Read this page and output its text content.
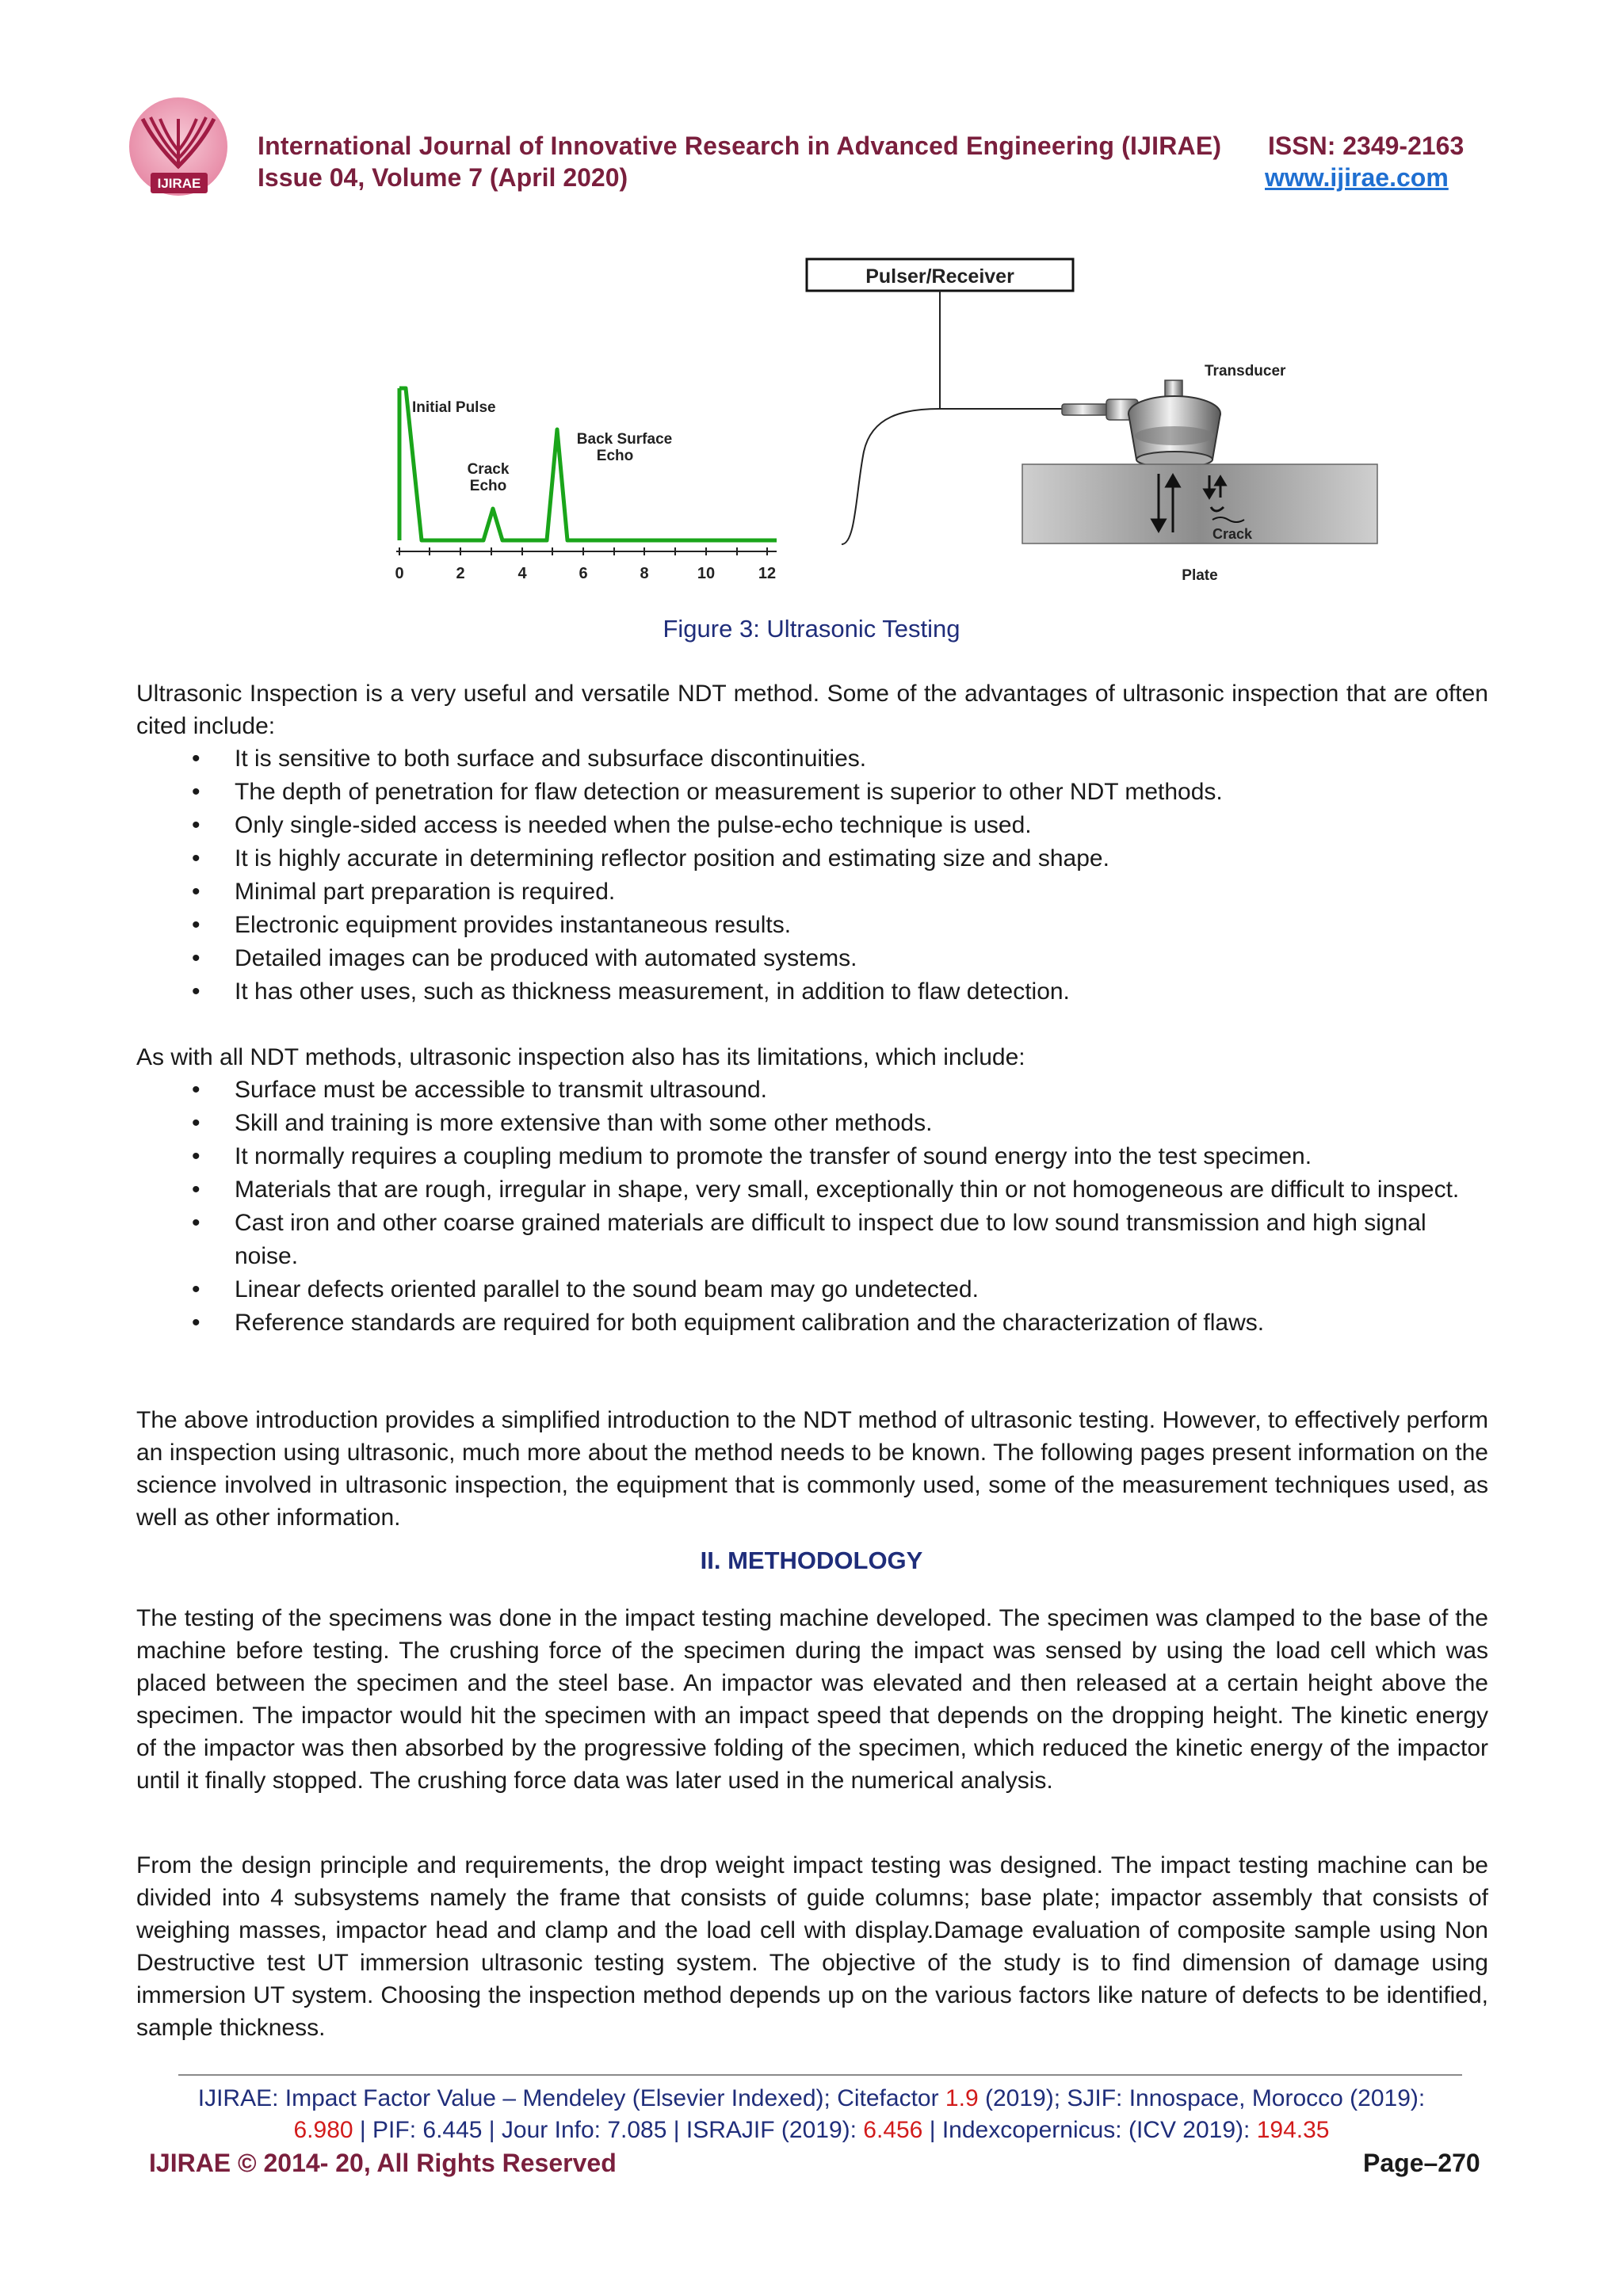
IJIRAE
International Journal of Innovative Research in Advanced Engineering (IJIRAE) ISSN: 2349-2163
Issue 04, Volume 7 (April 2020)	www.ijirae.com
Pulser/Receiver
0	2	4	6	8	10	12
Initial Pulse
Crack
Echo
Back Surface
Echo
Transducer
Plate
Crack
Figure 3: Ultrasonic Testing
Ultrasonic Inspection is a very useful and versatile NDT method. Some of the advantages of ultrasonic inspection that are often cited include:
• It is sensitive to both surface and subsurface discontinuities.
• The depth of penetration for flaw detection or measurement is superior to other NDT methods.
• Only single-sided access is needed when the pulse-echo technique is used.
• It is highly accurate in determining reflector position and estimating size and shape.
• Minimal part preparation is required.
• Electronic equipment provides instantaneous results.
• Detailed images can be produced with automated systems.
• It has other uses, such as thickness measurement, in addition to flaw detection.
As with all NDT methods, ultrasonic inspection also has its limitations, which include:
• Surface must be accessible to transmit ultrasound.
• Skill and training is more extensive than with some other methods.
• It normally requires a coupling medium to promote the transfer of sound energy into the test specimen.
• Materials that are rough, irregular in shape, very small, exceptionally thin or not homogeneous are difficult to inspect.
• Cast iron and other coarse grained materials are difficult to inspect due to low sound transmission and high signal noise.
• Linear defects oriented parallel to the sound beam may go undetected.
• Reference standards are required for both equipment calibration and the characterization of flaws.
The above introduction provides a simplified introduction to the NDT method of ultrasonic testing. However, to effectively perform an inspection using ultrasonic, much more about the method needs to be known. The following pages present information on the science involved in ultrasonic inspection, the equipment that is commonly used, some of the measurement techniques used, as well as other information.
II. METHODOLOGY
The testing of the specimens was done in the impact testing machine developed. The specimen was clamped to the base of the machine before testing. The crushing force of the specimen during the impact was sensed by using the load cell which was placed between the specimen and the steel base. An impactor was elevated and then released at a certain height above the specimen. The impactor would hit the specimen with an impact speed that depends on the dropping height. The kinetic energy of the impactor was then absorbed by the progressive folding of the specimen, which reduced the kinetic energy of the impactor until it finally stopped. The crushing force data was later used in the numerical analysis.
From the design principle and requirements, the drop weight impact testing was designed. The impact testing machine can be divided into 4 subsystems namely the frame that consists of guide columns; base plate; impactor assembly that consists of weighing masses, impactor head and clamp and the load cell with display.Damage evaluation of composite sample using Non Destructive test UT immersion ultrasonic testing system. The objective of the study is to find dimension of damage using immersion UT system. Choosing the inspection method depends up on the various factors like nature of defects to be identified, sample thickness.
IJIRAE: Impact Factor Value – Mendeley (Elsevier Indexed); Citefactor 1.9 (2019); SJIF: Innospace, Morocco (2019):
6.980 | PIF: 6.445 | Jour Info: 7.085 | ISRAJIF (2019): 6.456 | Indexcopernicus: (ICV 2019): 194.35
IJIRAE © 2014- 20, All Rights Reserved	Page–270
